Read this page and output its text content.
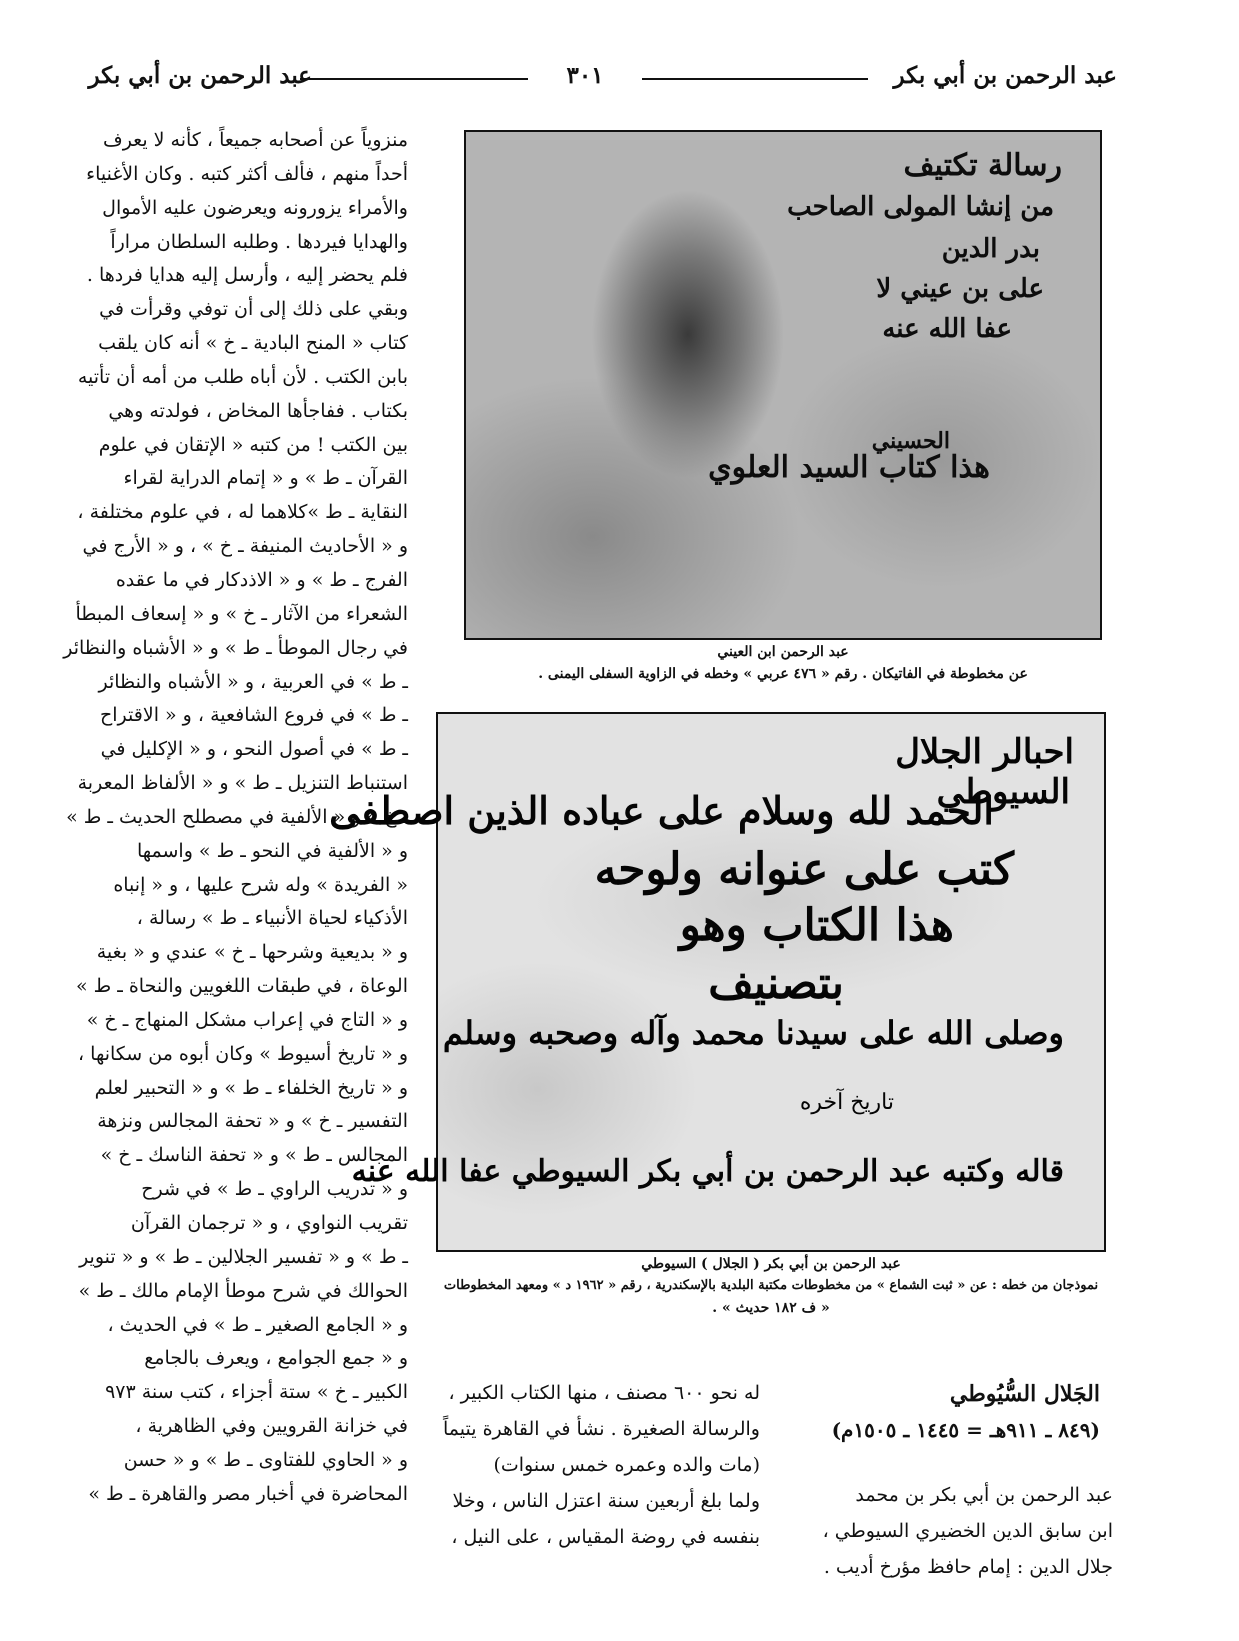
عبد الرحمن بن أبي بكر
٣٠١
عبد الرحمن بن أبي بكر
منزوياً عن أصحابه جميعاً ، كأنه لا يعرف
أحداً منهم ، فألف أكثر كتبه . وكان الأغنياء
والأمراء يزورونه ويعرضون عليه الأموال
والهدايا فيردها . وطلبه السلطان مراراً
فلم يحضر إليه ، وأرسل إليه هدايا فردها .
وبقي على ذلك إلى أن توفي وقرأت في
كتاب « المنح البادية ـ خ » أنه كان يلقب
بابن الكتب . لأن أباه طلب من أمه أن تأتيه
بكتاب . ففاجأها المخاض ، فولدته وهي
بين الكتب ! من كتبه « الإتقان في علوم
القرآن ـ ط » و « إتمام الدراية لقراء
النقاية ـ ط »كلاهما له ، في علوم مختلفة ،
و « الأحاديث المنيفة ـ خ » ، و « الأرج في
الفرج ـ ط » و « الاذدكار في ما عقده
الشعراء من الآثار ـ خ » و « إسعاف المبطأ
في رجال الموطأ ـ ط » و « الأشباه والنظائر
ـ ط » في العربية ، و « الأشباه والنظائر
ـ ط » في فروع الشافعية ، و « الاقتراح
ـ ط » في أصول النحو ، و « الإكليل في
استنباط التنزيل ـ ط » و « الألفاظ المعربة
ـ خ » و « الألفية في مصطلح الحديث ـ ط »
و « الألفية في النحو ـ ط » واسمها
« الفريدة » وله شرح عليها ، و « إنباه
الأذكياء لحياة الأنبياء ـ ط » رسالة ،
و « بديعية وشرحها ـ خ » عندي و « بغية
الوعاة ، في طبقات اللغويين والنحاة ـ ط »
و « التاج في إعراب مشكل المنهاج ـ خ »
و « تاريخ أسيوط » وكان أبوه من سكانها ،
و « تاريخ الخلفاء ـ ط » و « التحبير لعلم
التفسير ـ خ » و « تحفة المجالس ونزهة
المجالس ـ ط » و « تحفة الناسك ـ خ »
و « تدريب الراوي ـ ط » في شرح
تقريب النواوي ، و « ترجمان القرآن
ـ ط » و « تفسير الجلالين ـ ط » و « تنوير
الحوالك في شرح موطأ الإمام مالك ـ ط »
و « الجامع الصغير ـ ط » في الحديث ،
و « جمع الجوامع ، ويعرف بالجامع
الكبير ـ خ » ستة أجزاء ، كتب سنة ٩٧٣
في خزانة القرويين وفي الظاهرية ،
و « الحاوي للفتاوى ـ ط » و « حسن
المحاضرة في أخبار مصر والقاهرة ـ ط »
رسالة تكتيف
من إنشا المولى الصاحب
بدر الدين
على بن عيني لا
عفا الله عنه
هذا كتاب السيد العلوي
الحسيني
عبد الرحمن ابن العيني
عن مخطوطة في الفاتيكان . رقم « ٤٧٦ عربي » وخطه في الزاوية السفلى اليمنى .
احبالر الجلال
السيوطي
الحمد لله وسلام على عباده الذين اصطفى
كتب على عنوانه ولوحه
هذا الكتاب وهو
بتصنيف
وصلى الله على سيدنا محمد وآله وصحبه وسلم
تاريخ آخره
قاله وكتبه عبد الرحمن بن أبي بكر السيوطي عفا الله عنه
عبد الرحمن بن أبي بكر ( الجلال ) السيوطي
نموذجان من خطه : عن « ثبت الشماع » من مخطوطات مكتبة البلدية بالإسكندرية ، رقم « ١٩٦٢ د » ومعهد المخطوطات
« ف ١٨٢ حديث » .
الجَلال السُّيُوطي
(٨٤٩ ـ ٩١١هـ = ١٤٤٥ ـ ١٥٠٥م)
عبد الرحمن بن أبي بكر بن محمد
ابن سابق الدين الخضيري السيوطي ،
جلال الدين : إمام حافظ مؤرخ أديب .
له نحو ٦٠٠ مصنف ، منها الكتاب الكبير ،
والرسالة الصغيرة . نشأ في القاهرة يتيماً
(مات والده وعمره خمس سنوات)
ولما بلغ أربعين سنة اعتزل الناس ، وخلا
بنفسه في روضة المقياس ، على النيل ،
